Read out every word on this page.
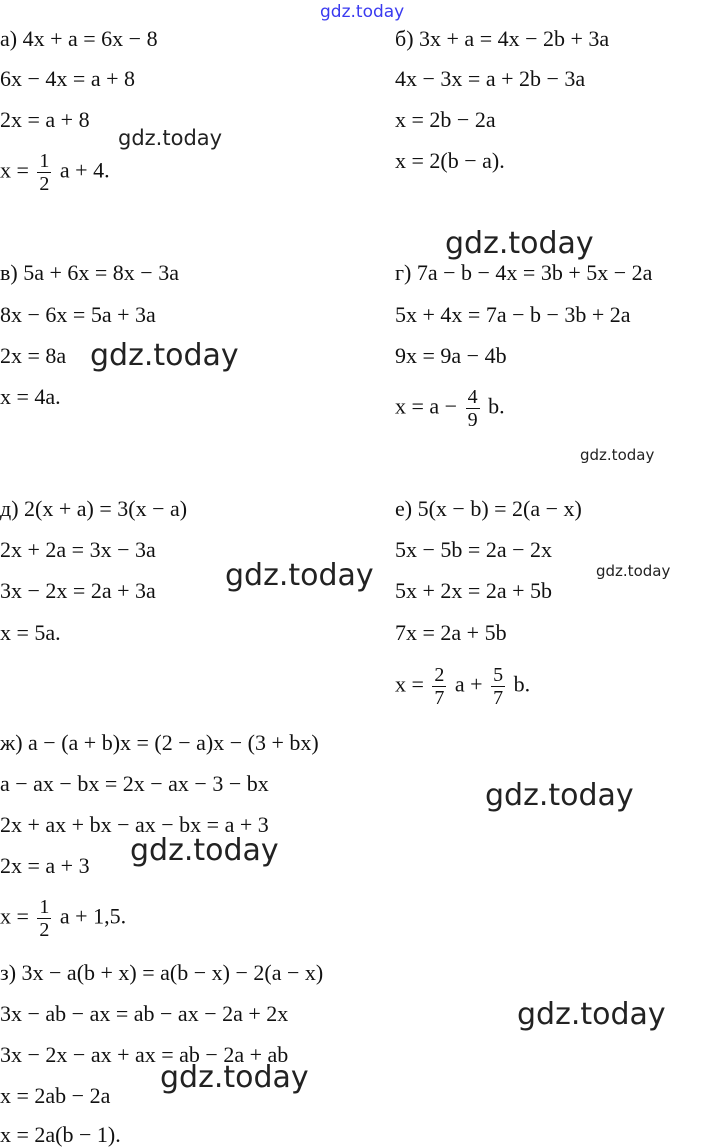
gdz.today
gdz.today
gdz.today
gdz.today
gdz.today
gdz.today	gdz.today
gdz.today
gdz.today
gdz.today
gdz.today
а) 4x + a = 6x − 8
6x − 4x = a + 8
2x = a + 8
$x = \frac{1}{2}$ a + 4.
б) 3x + a = 4x − 2b + 3a
4x − 3x = a + 2b − 3a
x = 2b − 2a
x = 2(b − a).
в) 5a + 6x = 8x − 3a
8x − 6x = 5a + 3a
2x = 8a
x = 4a.
г) 7a − b − 4x = 3b + 5x − 2a
5x + 4x = 7a − b − 3b + 2a
9x = 9a − 4b
$x = a - \frac{4}{9} b$.
д) 2(x + a) = 3(x − a)
2x + 2a = 3x − 3a
3x − 2x = 2a + 3a
x = 5a.
е) 5(x − b) = 2(a − x)
5x − 5b = 2a − 2x
5x + 2x = 2a + 5b
7x = 2a + 5b
$x = \frac{2}{7}$ $a + \frac{5}{7} b$.
ж) a − (a + b)x = (2 − a)x − (3 + bx)
a − ax − bx = 2x − ax − 3 − bx
2x + ax + bx − ax − bx = a + 3
2x = a + 3
$x = \frac{1}{2}$ a + 1,5.
з) 3x − a(b + x) = a(b − x) − 2(a − x)
3x − ab − ax = ab − ax − 2a + 2x
3x − 2x − ax + ax = ab − 2a + ab
x = 2ab − 2a
x = 2a(b − 1).
